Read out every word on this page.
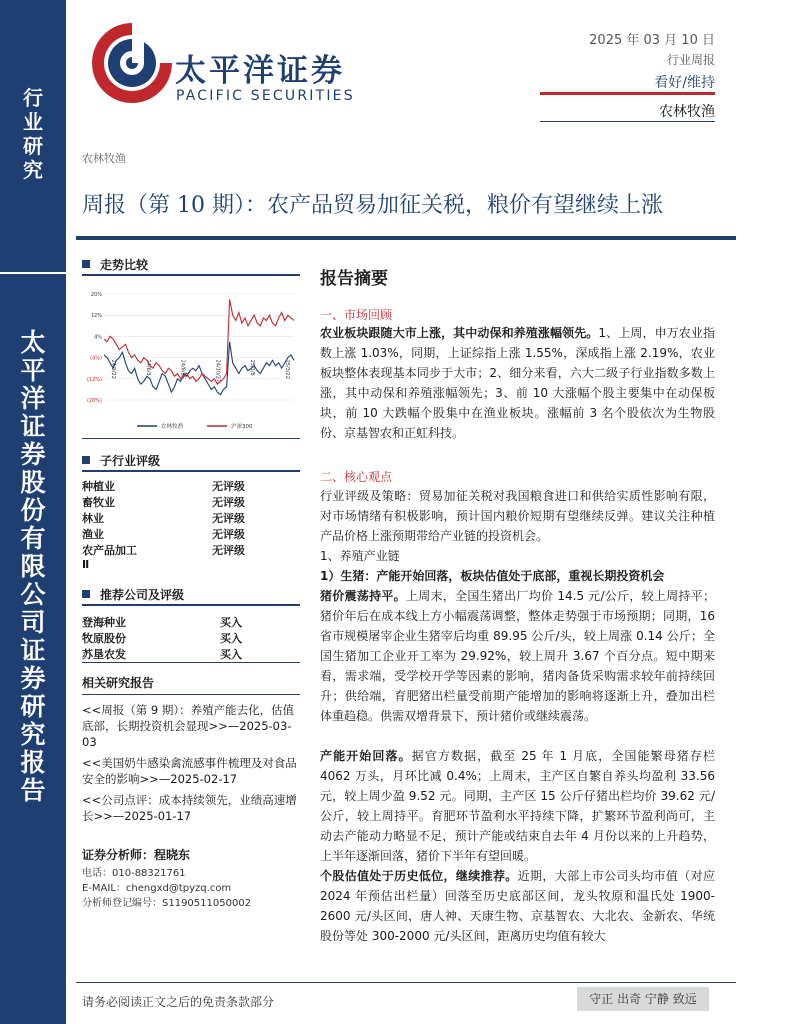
行
业
研
究
太
平
洋
证
券
股
份
有
限
公
司
证
券
研
究
报
告
太平洋证券
PACIFIC SECURITIES
2025 年 03 月 10 日
行业周报
看好/维持
农林牧渔
农林牧渔
周报（第 10 期）：农产品贸易加征关税，粮价有望继续上涨
走势比较
20%
12%
4%
(4%)
(12%)
(20%)
24/3/22	24/6/3	24/8/15	24/10/27	25/1/8	25/3/22
农林牧渔	沪深300
子行业评级
种植业	无评级
畜牧业	无评级
林业	无评级
渔业	无评级
农产品加工	无评级
Ⅱ	
推荐公司及评级
登海种业	买入
牧原股份	买入
苏垦农发	买入
相关研究报告
<<周报（第 9 期）：养殖产能去化，估值底部，长期投资机会显现>>—2025-03-03
<<美国奶牛感染禽流感事件梳理及对食品安全的影响>>—2025-02-17
<<公司点评：成本持续领先，业绩高速增长>>—2025-01-17
证券分析师：程晓东
电话：010-88321761
E-MAIL：chengxd@tpyzq.com
分析师登记编号：S1190511050002
报告摘要
一、市场回顾
农业板块跟随大市上涨，其中动保和养殖涨幅领先。1、上周，申万农业指数上涨 1.03%，同期，上证综指上涨 1.55%，深成指上涨 2.19%，农业板块整体表现基本同步于大市；2、细分来看，六大二级子行业指数多数上涨，其中动保和养殖涨幅领先；3、前 10 大涨幅个股主要集中在动保板块，前 10 大跌幅个股集中在渔业板块。涨幅前 3 名个股依次为生物股份、京基智农和正虹科技。
二、核心观点
行业评级及策略：贸易加征关税对我国粮食进口和供给实质性影响有限，对市场情绪有积极影响，预计国内粮价短期有望继续反弹。建议关注种植产品价格上涨预期带给产业链的投资机会。
1、养殖产业链
1）生猪：产能开始回落，板块估值处于底部，重视长期投资机会
猪价震荡持平。上周末，全国生猪出厂均价 14.5 元/公斤，较上周持平；猪价年后在成本线上方小幅震荡调整，整体走势强于市场预期；同期，16 省市规模屠宰企业生猪宰后均重 89.95 公斤/头，较上周涨 0.14 公斤；全国生猪加工企业开工率为 29.92%，较上周升 3.67 个百分点。短中期来看，需求端，受学校开学等因素的影响，猪肉备货采购需求较年前持续回升；供给端，育肥猪出栏量受前期产能增加的影响将逐渐上升，叠加出栏体重趋稳。供需双增背景下，预计猪价或继续震荡。
产能开始回落。据官方数据，截至 25 年 1 月底，全国能繁母猪存栏 4062 万头，月环比减 0.4%；上周末，主产区自繁自养头均盈利 33.56 元，较上周少盈 9.52 元。同期，主产区 15 公斤仔猪出栏均价 39.62 元/公斤，较上周持平。育肥环节盈利水平持续下降，扩繁环节盈利尚可，主动去产能动力略显不足，预计产能或结束自去年 4 月份以来的上升趋势，上半年逐渐回落，猪价下半年有望回暖。
个股估值处于历史低位，继续推荐。近期，大部上市公司头均市值（对应 2024 年预估出栏量）回落至历史底部区间，龙头牧原和温氏处 1900-2600 元/头区间，唐人神、天康生物、京基智农、大北农、金新农、华统股份等处 300-2000 元/头区间，距离历史均值有较大
请务必阅读正文之后的免责条款部分	守正 出奇 宁静 致远
